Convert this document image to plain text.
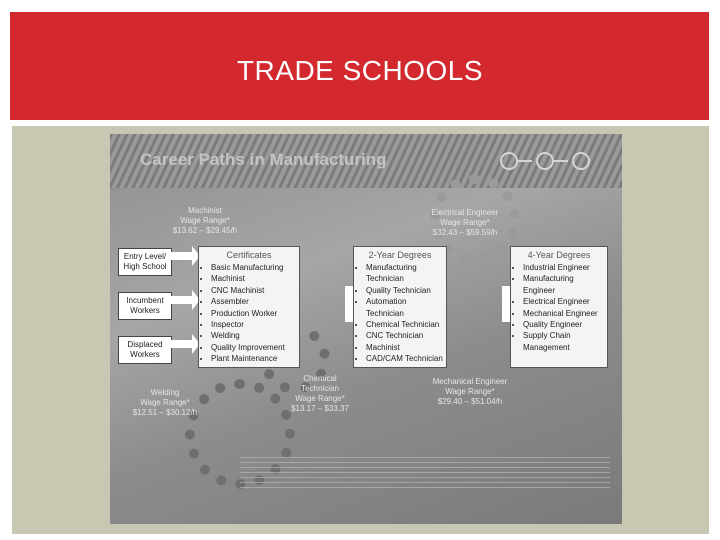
TRADE SCHOOLS
Career Paths in Manufacturing
Machinist
Wage Range*
$13.62 – $29.45/h
Electrical Engineer
Wage Range*
$32.43 – $59.59/h
Welding
Wage Range*
$12.51 – $30.12/h
Chemical
Technician
Wage Range*
$13.17 – $33.37
Mechanical Engineer
Wage Range*
$29.40 – $51.04/h
Entry Level/ High School
Incumbent Workers
Displaced Workers
Certificates
• Basic Manufacturing
• Machinist
• CNC Machinist
• Assembler
• Production Worker
• Inspector
• Welding
• Quality Improvement
• Plant Maintenance
2-Year Degrees
• Manufacturing Technician
• Quality Technician
• Automation Technician
• Chemical Technician
• CNC Technician
• Machinist
• CAD/CAM Technician
4-Year Degrees
• Industrial Engineer
• Manufacturing Engineer
• Electrical Engineer
• Mechanical Engineer
• Quality Engineer
• Supply Chain Management
